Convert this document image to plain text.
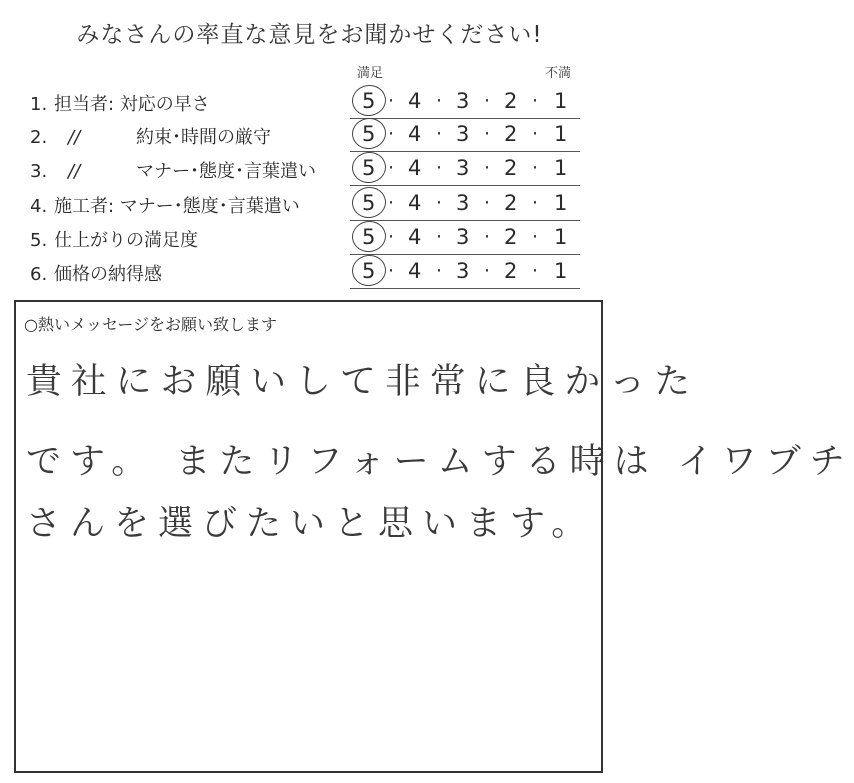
みなさんの率直な意見をお聞かせください!
満足	不満
1. 担当者: 対応の早さ	5 · 4 · 3 · 2 · 1
2. //	約束･時間の厳守	5 · 4 · 3 · 2 · 1
3. //	マナー･態度･言葉遣い 5 · 4 · 3 · 2 · 1
4. 施工者: マナー･態度･言葉遣い	5 · 4 · 3 · 2 · 1
5. 仕上がりの満足度	5 · 4 · 3 · 2 · 1
6. 価格の納得感	5 · 4 · 3 · 2 · 1
○熱いメッセージをお願い致します
貴社にお願いして非常に良かった
です。 またリフォームする時は イワブチ
さんを選びたいと思います。
